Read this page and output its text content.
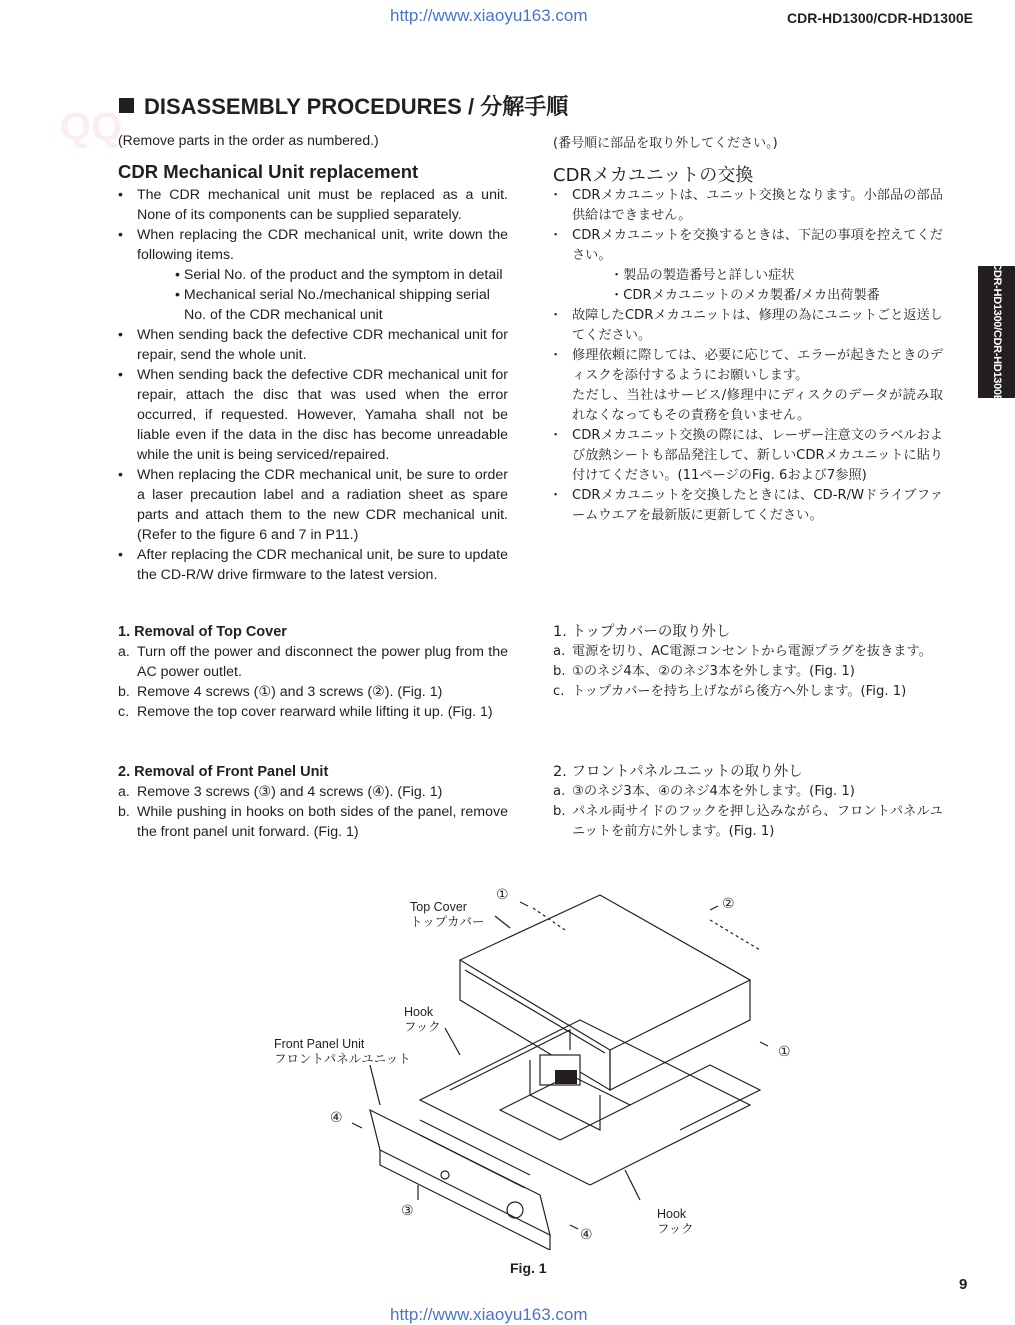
http://www.xiaoyu163.com	CDR-HD1300/CDR-HD1300E
CDR-HD1300/CDR-HD1300E
QQ DISASSEMBLY PROCEDURES / 分解手順
(Remove parts in the order as numbered.)	(番号順に部品を取り外してください。)
CDR Mechanical Unit replacement	CDRメカユニットの交換
• The CDR mechanical unit must be replaced as a unit. None of its components can be supplied separately.
• When replacing the CDR mechanical unit, write down the following items.
• Serial No. of the product and the symptom in detail
• Mechanical serial No./mechanical shipping serial
No. of the CDR mechanical unit
• When sending back the defective CDR mechanical unit for repair, send the whole unit.
• When sending back the defective CDR mechanical unit for repair, attach the disc that was used when the error occurred, if requested. However, Yamaha shall not be liable even if the data in the disc has become unreadable while the unit is being serviced/repaired.
• When replacing the CDR mechanical unit, be sure to order a laser precaution label and a radiation sheet as spare parts and attach them to the new CDR mechanical unit. (Refer to the figure 6 and 7 in P11.)
• After replacing the CDR mechanical unit, be sure to update the CD-R/W drive firmware to the latest version.
・ CDRメカユニットは、ユニット交換となります。小部品の部品供給はできません。
・ CDRメカユニットを交換するときは、下記の事項を控えてください。
・製品の製造番号と詳しい症状
・CDRメカユニットのメカ製番/メカ出荷製番
・ 故障したCDRメカユニットは、修理の為にユニットごと返送してください。
・ 修理依頼に際しては、必要に応じて、エラーが起きたときのディスクを添付するようにお願いします。
ただし、当社はサービス/修理中にディスクのデータが読み取れなくなってもその責務を負いません。
・ CDRメカユニット交換の際には、レーザー注意文のラベルおよび放熱シートも部品発注して、新しいCDRメカユニットに貼り付けてください。(11ページのFig. 6および7参照)
・ CDRメカユニットを交換したときには、CD-R/Wドライブファームウエアを最新版に更新してください。
1. Removal of Top Cover
a. Turn off the power and disconnect the power plug from the AC power outlet.
b. Remove 4 screws (①) and 3 screws (②). (Fig. 1)
c. Remove the top cover rearward while lifting it up. (Fig. 1)
1. トップカバーの取り外し
a. 電源を切り、AC電源コンセントから電源プラグを抜きます。
b. ①のネジ4本、②のネジ3本を外します。(Fig. 1)
c. トップカバーを持ち上げながら後方へ外します。(Fig. 1)
2. Removal of Front Panel Unit
a. Remove 3 screws (③) and 4 screws (④). (Fig. 1)
b. While pushing in hooks on both sides of the panel, remove the front panel unit forward. (Fig. 1)
2. フロントパネルユニットの取り外し
a. ③のネジ3本、④のネジ4本を外します。(Fig. 1)
b. パネル両サイドのフックを押し込みながら、フロントパネルユニットを前方に外します。(Fig. 1)
Top Cover
トップカバー
Hook
フック
Front Panel Unit
フロントパネルユニット
Hook
フック
①
②
①
④
③
④
Fig. 1
9
http://www.xiaoyu163.com
